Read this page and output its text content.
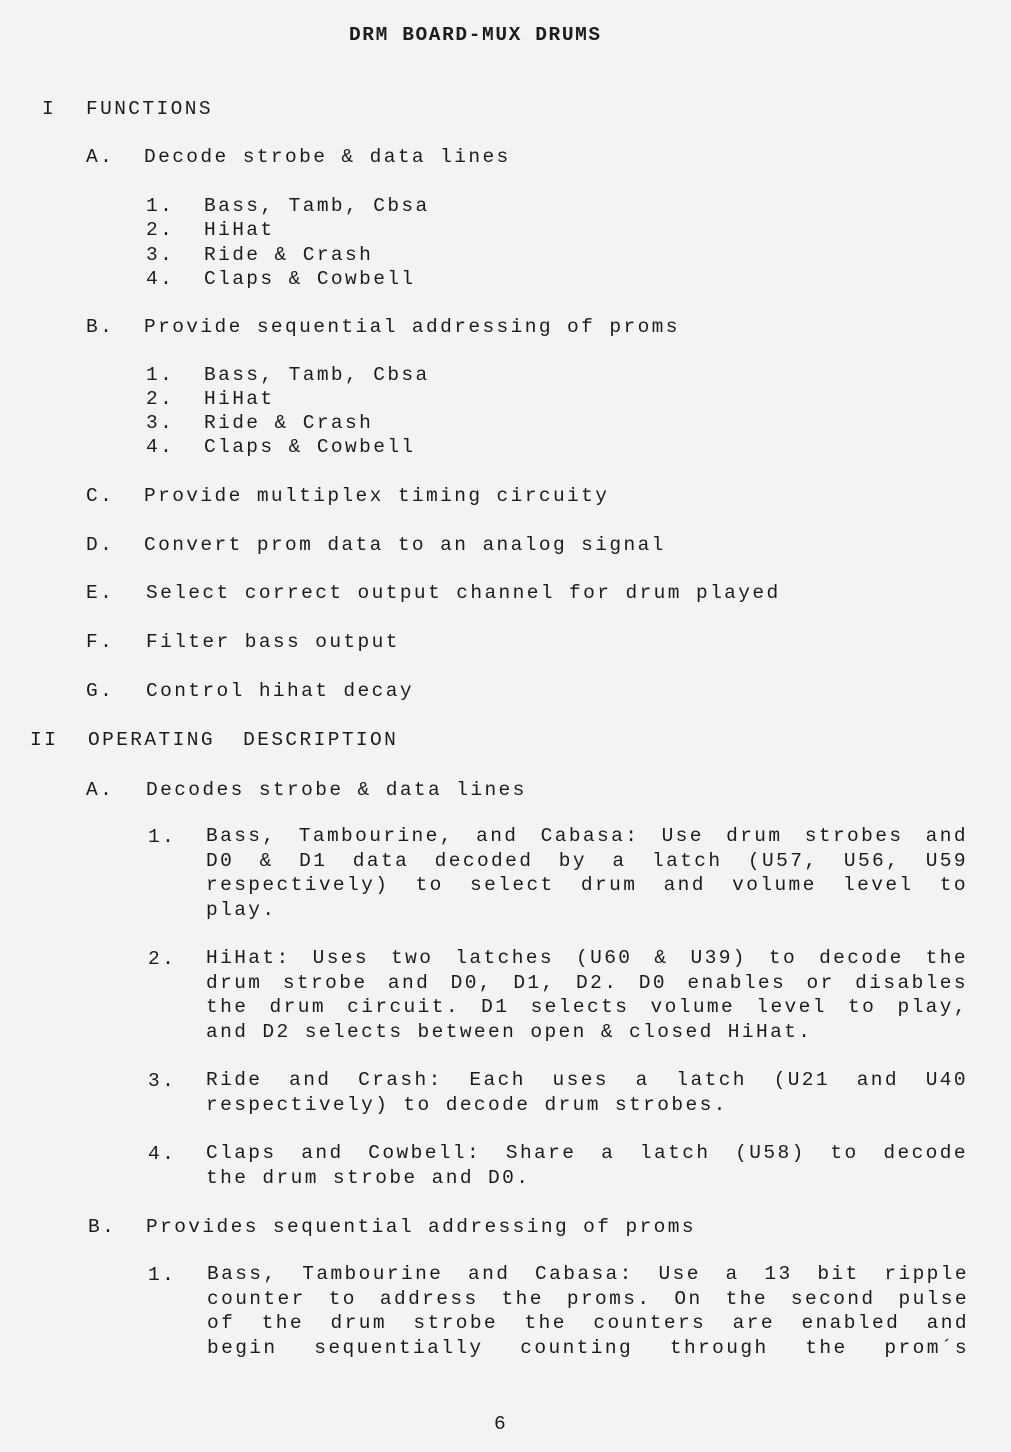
DRM BOARD-MUX DRUMS
I FUNCTIONS
A. Decode strobe & data lines
1. Bass, Tamb, Cbsa
2. HiHat
3. Ride & Crash
4. Claps & Cowbell
B. Provide sequential addressing of proms
1. Bass, Tamb, Cbsa
2. HiHat
3. Ride & Crash
4. Claps & Cowbell
C. Provide multiplex timing circuity
D. Convert prom data to an analog signal
E. Select correct output channel for drum played
F. Filter bass output
G. Control hihat decay
II OPERATING  DESCRIPTION
A. Decodes strobe & data lines
1. Bass, Tambourine, and Cabasa: Use drum strobes and
D0 & D1 data decoded by a latch (U57, U56, U59
respectively) to select drum and volume level to
play.
2. HiHat: Uses two latches (U60 & U39) to decode the
drum strobe and D0, D1, D2. D0 enables or disables
the drum circuit. D1 selects volume level to play,
and D2 selects between open & closed HiHat.
3. Ride and Crash: Each uses a latch (U21 and U40
respectively) to decode drum strobes.
4. Claps and Cowbell: Share a latch (U58) to decode
the drum strobe and D0.
B. Provides sequential addressing of proms
1. Bass, Tambourine and Cabasa: Use a 13 bit ripple
counter to address the proms. On the second pulse
of the drum strobe the counters are enabled and
begin sequentially counting through the prom´s
6
